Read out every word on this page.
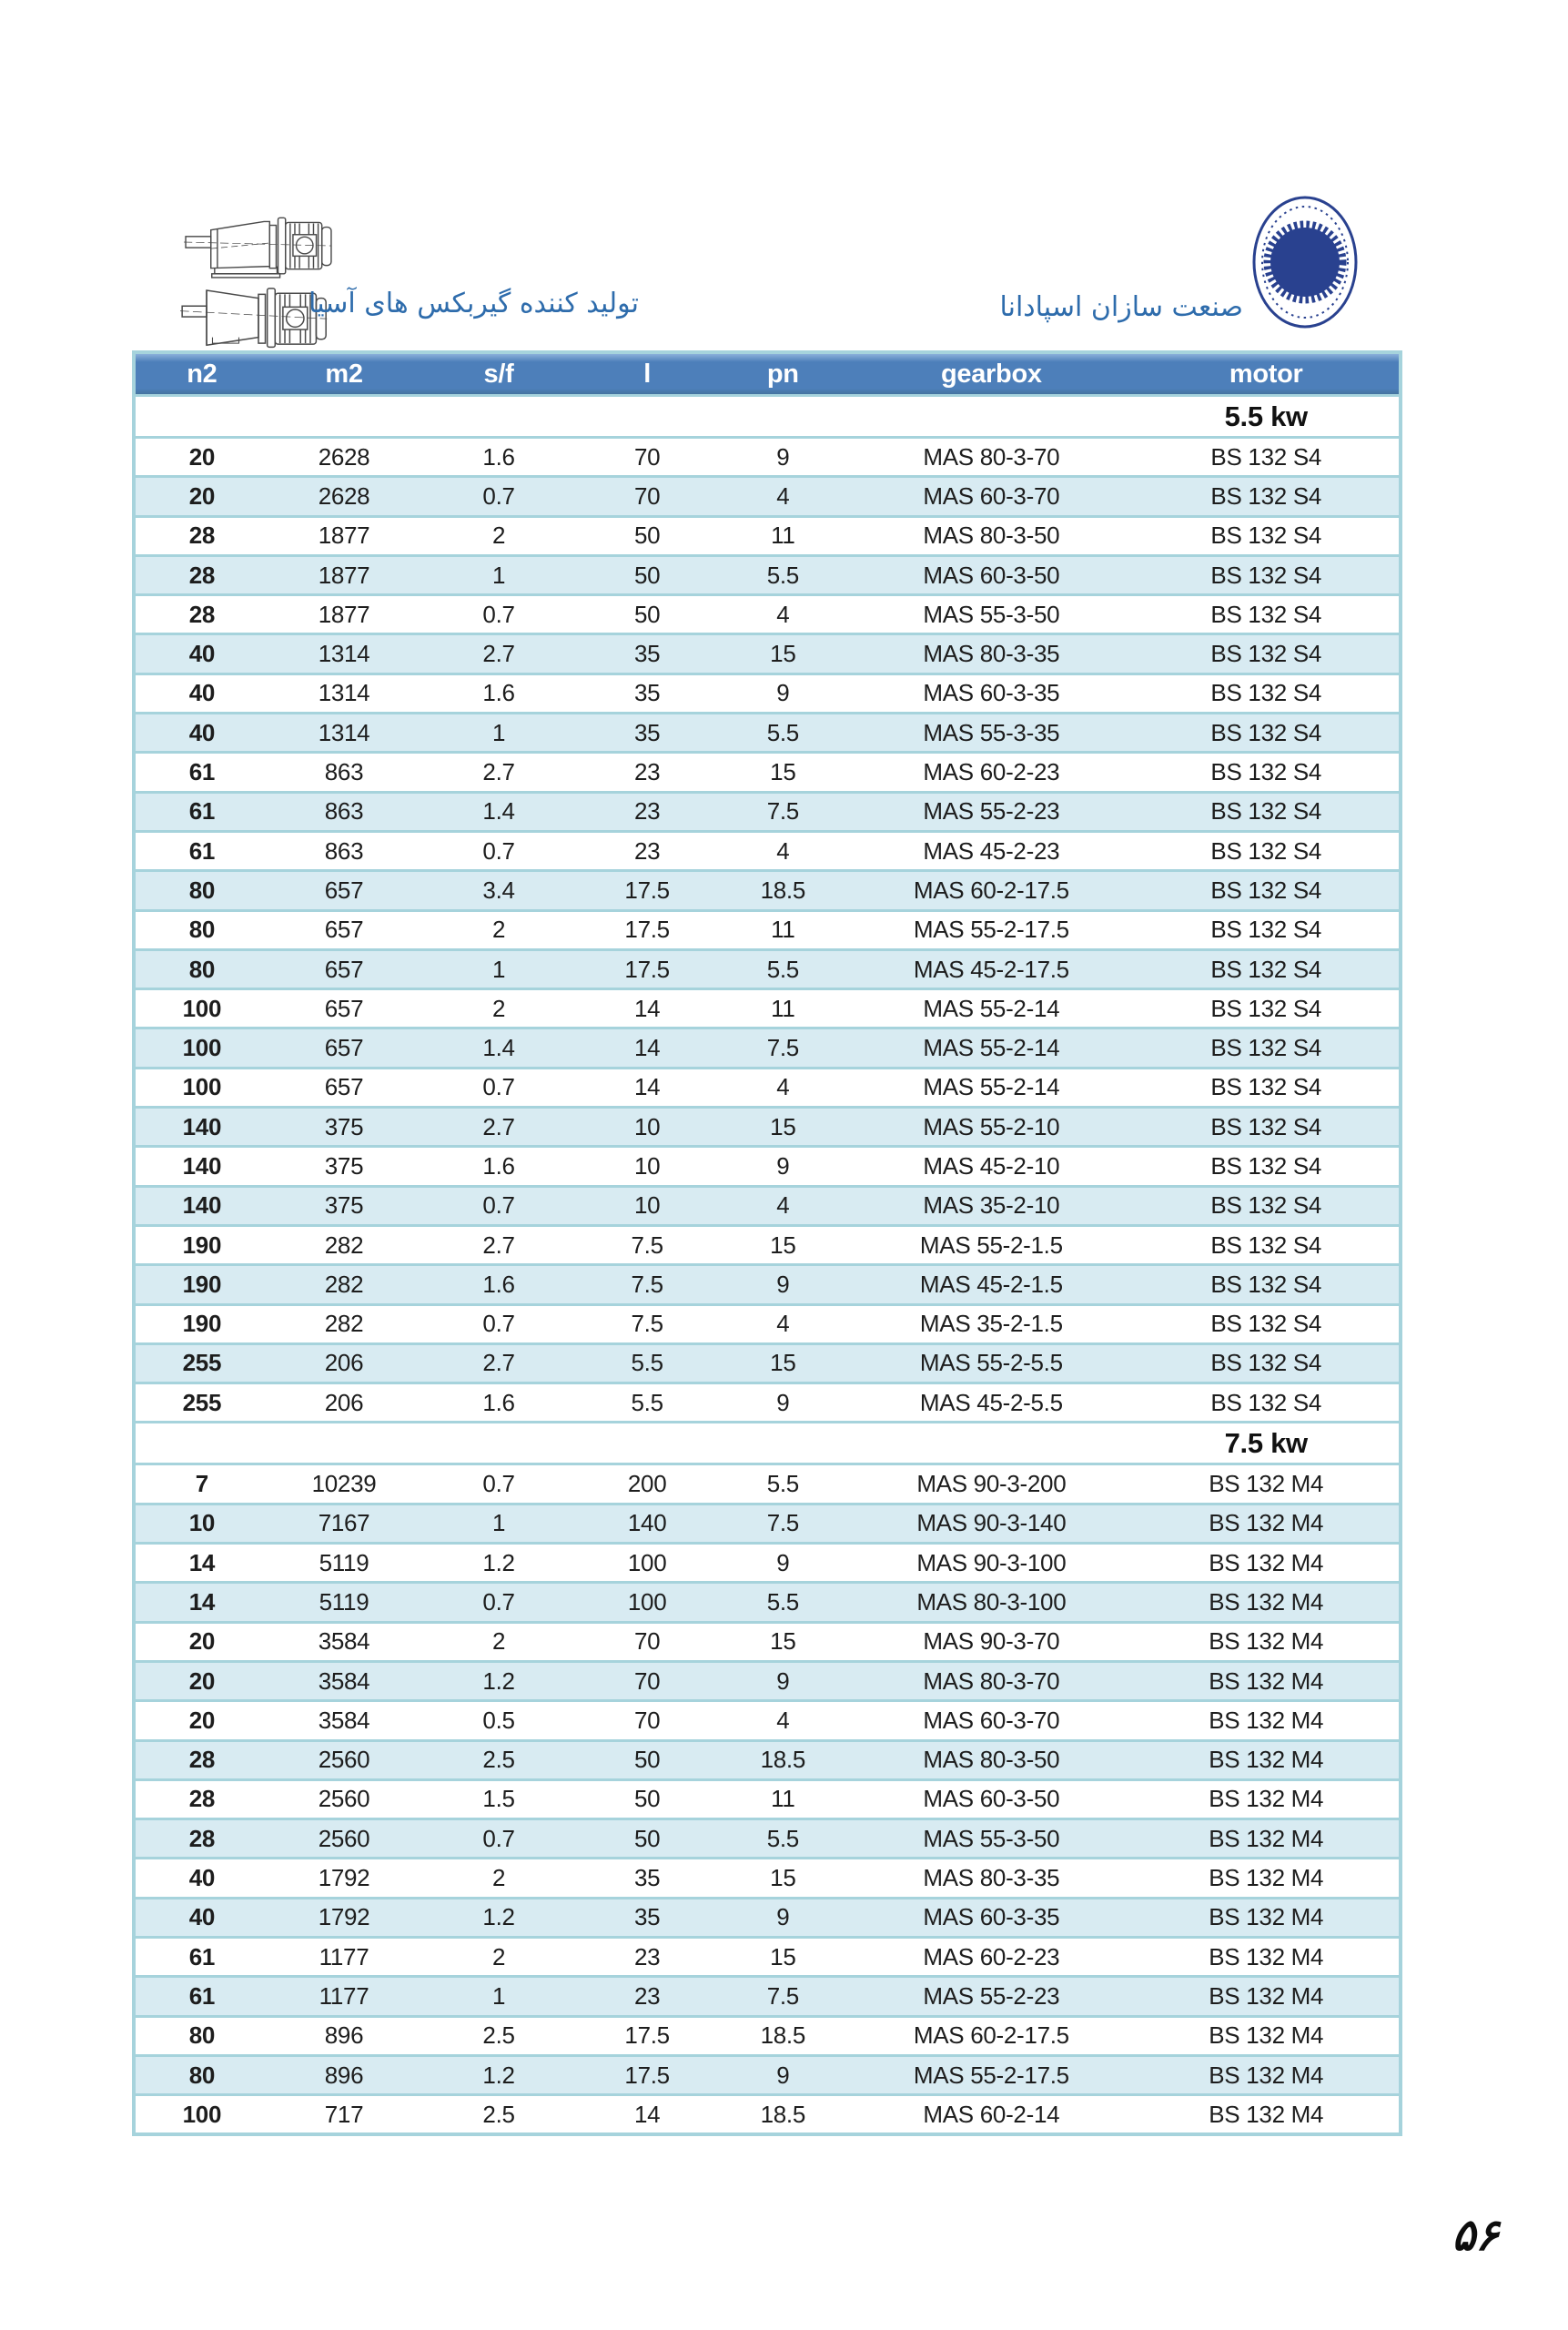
تولید کننده گیربکس های آسیا	صنعت سازان اسپادانا
n2	m2	s/f	l	pn	gearbox	motor
5.5 kw
20	2628	1.6	70	9	MAS 80-3-70	BS 132 S4
20	2628	0.7	70	4	MAS 60-3-70	BS 132 S4
28	1877	2	50	11	MAS 80-3-50	BS 132 S4
28	1877	1	50	5.5	MAS 60-3-50	BS 132 S4
28	1877	0.7	50	4	MAS 55-3-50	BS 132 S4
40	1314	2.7	35	15	MAS 80-3-35	BS 132 S4
40	1314	1.6	35	9	MAS 60-3-35	BS 132 S4
40	1314	1	35	5.5	MAS 55-3-35	BS 132 S4
61	863	2.7	23	15	MAS 60-2-23	BS 132 S4
61	863	1.4	23	7.5	MAS 55-2-23	BS 132 S4
61	863	0.7	23	4	MAS 45-2-23	BS 132 S4
80	657	3.4	17.5	18.5	MAS 60-2-17.5	BS 132 S4
80	657	2	17.5	11	MAS 55-2-17.5	BS 132 S4
80	657	1	17.5	5.5	MAS 45-2-17.5	BS 132 S4
100	657	2	14	11	MAS 55-2-14	BS 132 S4
100	657	1.4	14	7.5	MAS 55-2-14	BS 132 S4
100	657	0.7	14	4	MAS 55-2-14	BS 132 S4
140	375	2.7	10	15	MAS 55-2-10	BS 132 S4
140	375	1.6	10	9	MAS 45-2-10	BS 132 S4
140	375	0.7	10	4	MAS 35-2-10	BS 132 S4
190	282	2.7	7.5	15	MAS 55-2-1.5	BS 132 S4
190	282	1.6	7.5	9	MAS 45-2-1.5	BS 132 S4
190	282	0.7	7.5	4	MAS 35-2-1.5	BS 132 S4
255	206	2.7	5.5	15	MAS 55-2-5.5	BS 132 S4
255	206	1.6	5.5	9	MAS 45-2-5.5	BS 132 S4
7.5 kw
7	10239	0.7	200	5.5	MAS 90-3-200	BS 132 M4
10	7167	1	140	7.5	MAS 90-3-140	BS 132 M4
14	5119	1.2	100	9	MAS 90-3-100	BS 132 M4
14	5119	0.7	100	5.5	MAS 80-3-100	BS 132 M4
20	3584	2	70	15	MAS 90-3-70	BS 132 M4
20	3584	1.2	70	9	MAS 80-3-70	BS 132 M4
20	3584	0.5	70	4	MAS 60-3-70	BS 132 M4
28	2560	2.5	50	18.5	MAS 80-3-50	BS 132 M4
28	2560	1.5	50	11	MAS 60-3-50	BS 132 M4
28	2560	0.7	50	5.5	MAS 55-3-50	BS 132 M4
40	1792	2	35	15	MAS 80-3-35	BS 132 M4
40	1792	1.2	35	9	MAS 60-3-35	BS 132 M4
61	1177	2	23	15	MAS 60-2-23	BS 132 M4
61	1177	1	23	7.5	MAS 55-2-23	BS 132 M4
80	896	2.5	17.5	18.5	MAS 60-2-17.5	BS 132 M4
80	896	1.2	17.5	9	MAS 55-2-17.5	BS 132 M4
100	717	2.5	14	18.5	MAS 60-2-14	BS 132 M4
۵۶
